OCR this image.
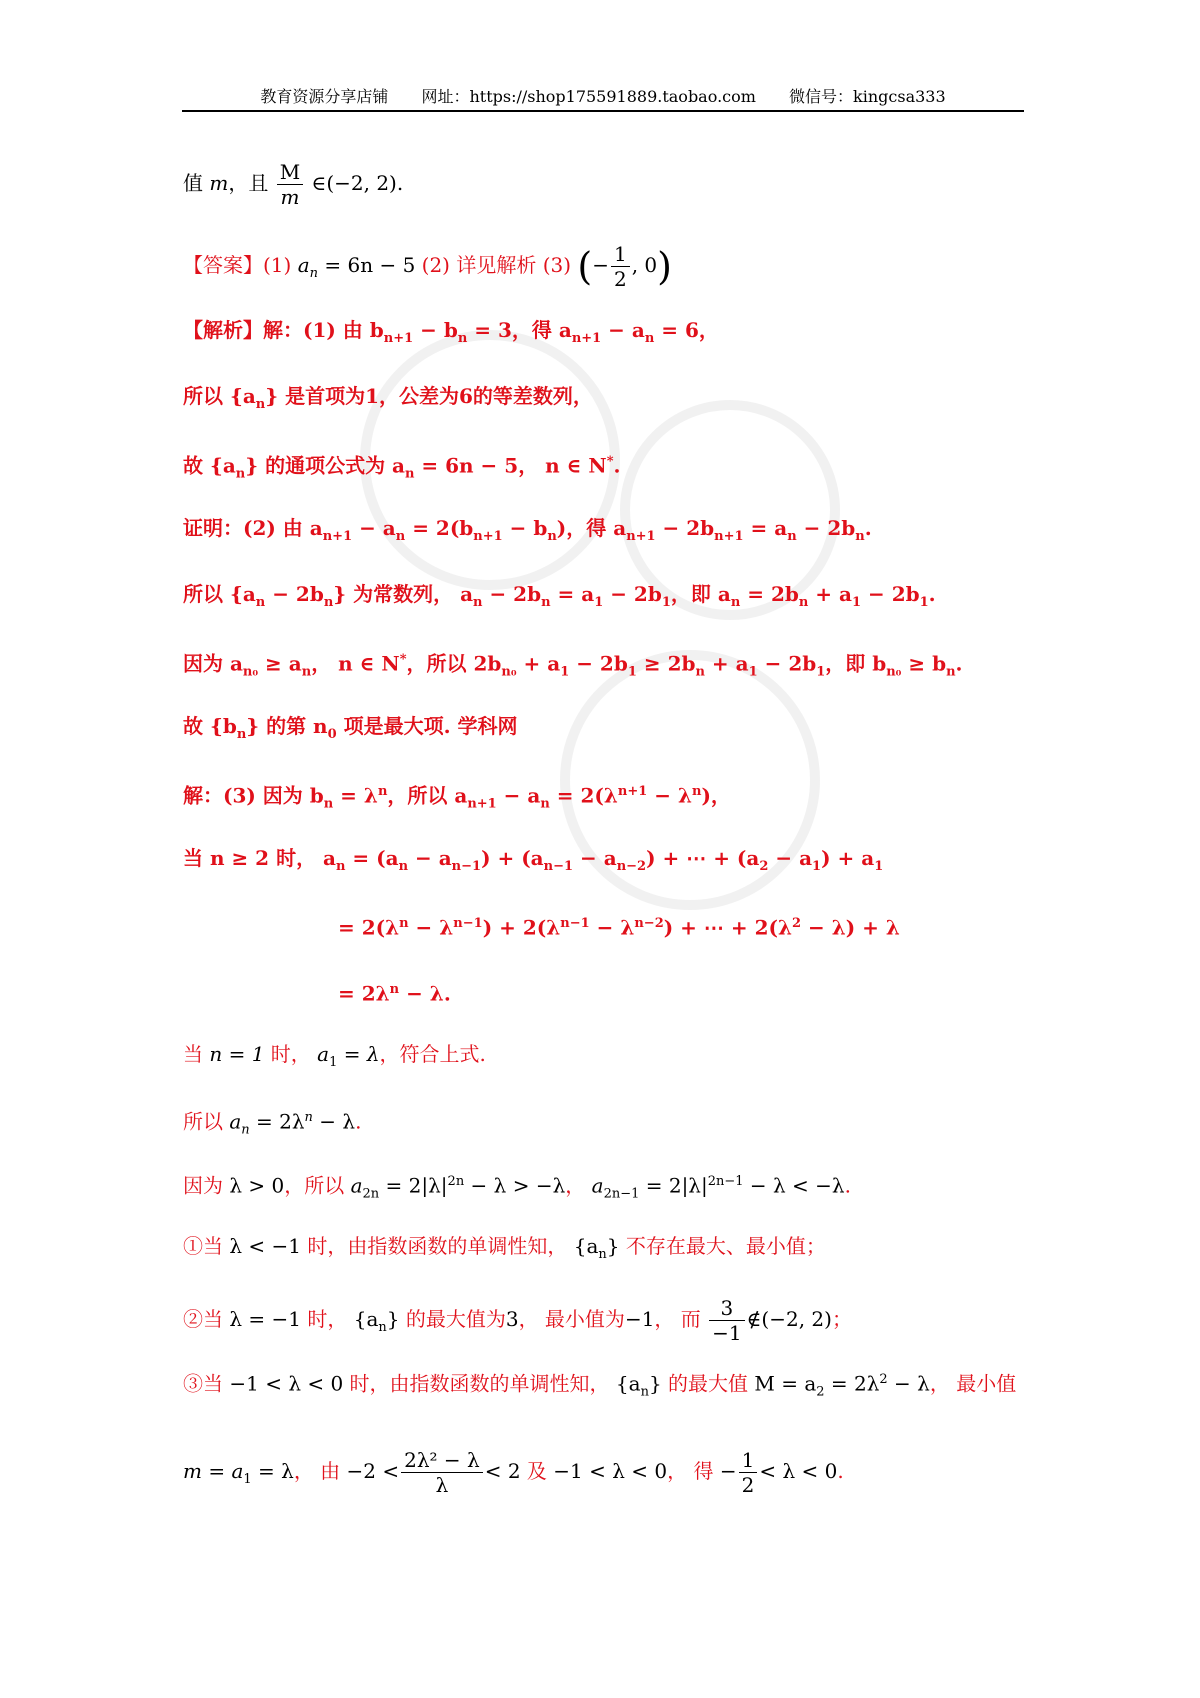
教育资源分享店铺 网址：https://shop175591889.taobao.com 微信号：kingcsa333
值 m，且 $\frac{M}{m}$ ∈(−2, 2).
【答案】(1) $a_n = 6n - 5$ (2) 详见解析 (3) (− $\frac{1}{2}$ , 0)
【解析】解：(1) 由 $b_{n+1} - b_n = 3$，得 $a_{n+1} - a_n = 6$，
所以 $\{a_n\}$ 是首项为1，公差为6的等差数列，
故 $\{a_n\}$ 的通项公式为 $a_n = 6n - 5$， n ∈ N*.
证明：(2) 由 $a_{n+1} - a_n = 2(b_{n+1} - b_n)$，得 $a_{n+1} - 2b_{n+1} = a_n - 2b_n$.
所以 $\{a_n - 2b_n\}$ 为常数列， $a_n - 2b_n = a_1 - 2b_1$，即 $a_n = 2b_n + a_1 - 2b_1$.
因为 $a_{n_0} \ge a_n$， n ∈ N*，所以 $2b_{n_0} + a_1 - 2b_1 \ge 2b_n + a_1 - 2b_1$，即 $b_{n_0} \ge b_n$.
故 $\{b_n\}$ 的第 $n_0$ 项是最大项. 学科网
解：(3) 因为 $b_n = \lambda^n$，所以 $a_{n+1} - a_n = 2(\lambda^{n+1} - \lambda^n)$，
当 n ≥ 2 时， $a_n = (a_n - a_{n-1}) + (a_{n-1} - a_{n-2})$ + ⋯ + $(a_2 - a_1) + a_1$
= $2(\lambda^n - \lambda^{n-1}) + 2(\lambda^{n-1} - \lambda^{n-2})$ + ⋯ + $2(\lambda^2 - \lambda) + \lambda$
= $2\lambda^n - \lambda$.
当 n = 1 时， $a_1 = \lambda$，符合上式.
所以 $a_n = 2\lambda^n - \lambda$.
因为 λ > 0，所以 $a_{2n} = 2|\lambda|^{2n} - \lambda > -\lambda$， $a_{2n-1} = 2|\lambda|^{2n-1} - \lambda < -\lambda$.
①当 λ < −1 时，由指数函数的单调性知， $\{a_n\}$ 不存在最大、最小值；
②当 λ = −1 时， $\{a_n\}$ 的最大值为3， 最小值为−1， 而 $\frac{3}{-1}$ ∉(−2, 2)；
③当 −1 < λ < 0 时，由指数函数的单调性知， $\{a_n\}$ 的最大值 $M = a_2 = 2\lambda^2 - \lambda$， 最小值
$m = a_1 = \lambda$， 由 $-2 < \frac{\text{2λ² − λ}}{\lambda} < 2$ 及 −1 < λ < 0， 得 − $\frac{1}{2} < \lambda < 0$.
